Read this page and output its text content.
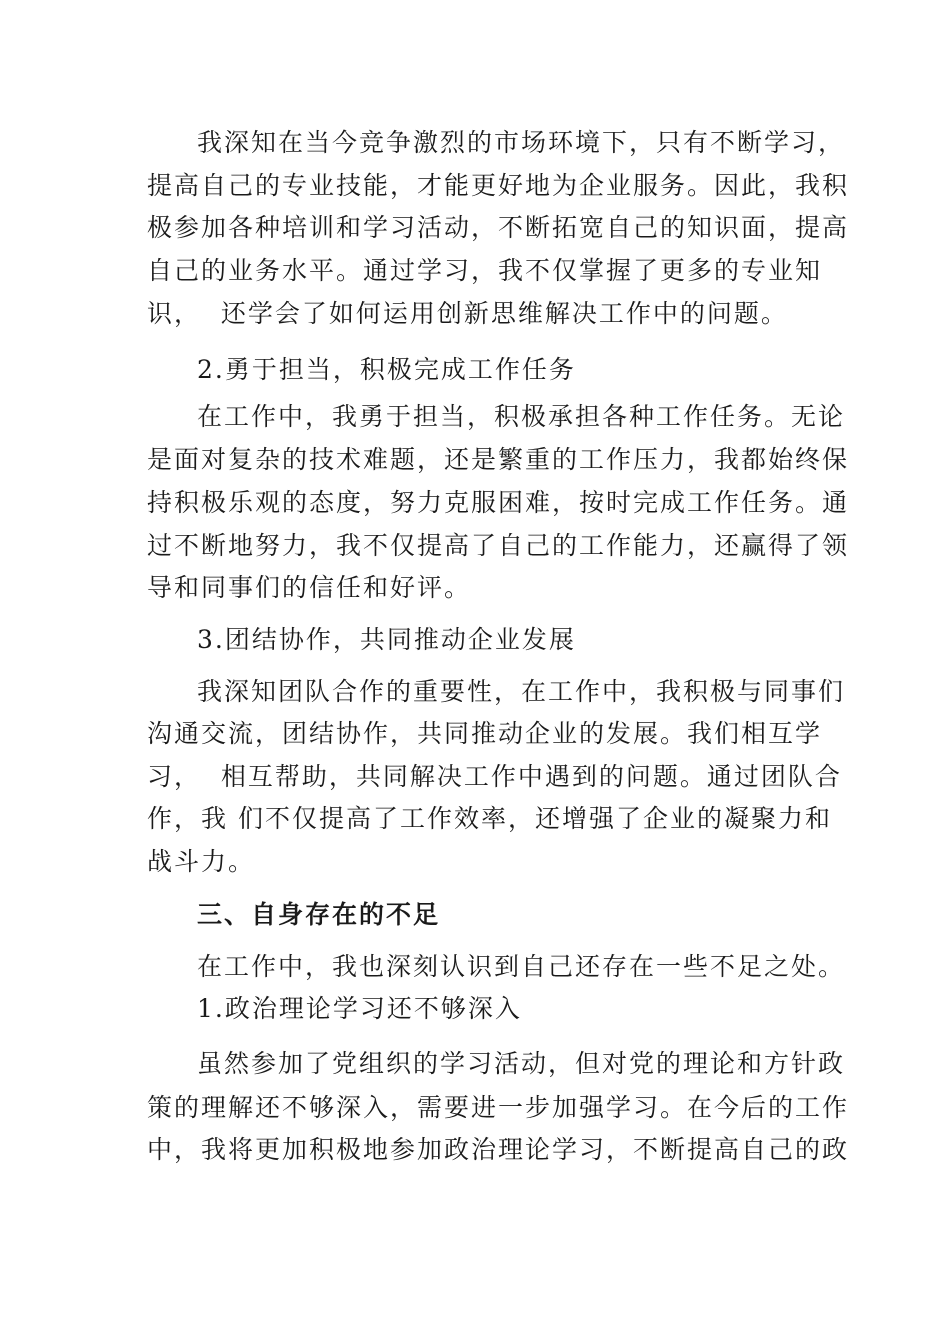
我深知在当今竞争激烈的市场环境下，只有不断学习，
提高自己的专业技能，才能更好地为企业服务。因此，我积
极参加各种培训和学习活动，不断拓宽自己的知识面，提高
自己的业务水平。通过学习，我不仅掌握了更多的专业知
识，  还学会了如何运用创新思维解决工作中的问题。
2.勇于担当，积极完成工作任务
在工作中，我勇于担当，积极承担各种工作任务。无论
是面对复杂的技术难题，还是繁重的工作压力，我都始终保
持积极乐观的态度，努力克服困难，按时完成工作任务。通
过不断地努力，我不仅提高了自己的工作能力，还赢得了领
导和同事们的信任和好评。
3.团结协作，共同推动企业发展
我深知团队合作的重要性，在工作中，我积极与同事们
沟通交流，团结协作，共同推动企业的发展。我们相互学
习，  相互帮助，共同解决工作中遇到的问题。通过团队合
作，我 们不仅提高了工作效率，还增强了企业的凝聚力和
战斗力。
三、自身存在的不足
在工作中，我也深刻认识到自己还存在一些不足之处。
1.政治理论学习还不够深入
虽然参加了党组织的学习活动，但对党的理论和方针政
策的理解还不够深入，需要进一步加强学习。在今后的工作
中，我将更加积极地参加政治理论学习，不断提高自己的政
